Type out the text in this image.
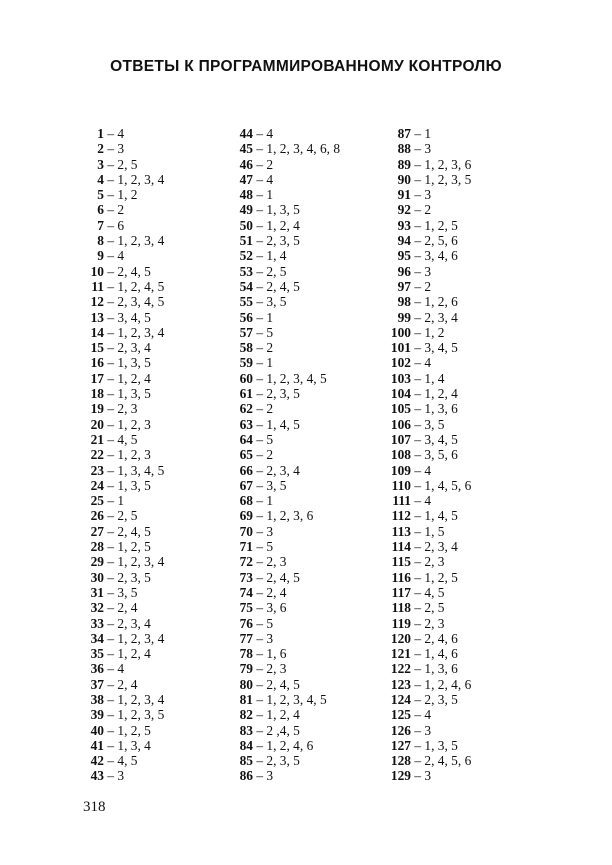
ОТВЕТЫ К ПРОГРАММИРОВАННОМУ КОНТРОЛЮ
1 – 4
2 – 3
3 – 2, 5
4 – 1, 2, 3, 4
5 – 1, 2
6 – 2
7 – 6
8 – 1, 2, 3, 4
9 – 4
10 – 2, 4, 5
11 – 1, 2, 4, 5
12 – 2, 3, 4, 5
13 – 3, 4, 5
14 – 1, 2, 3, 4
15 – 2, 3, 4
16 – 1, 3, 5
17 – 1, 2, 4
18 – 1, 3, 5
19 – 2, 3
20 – 1, 2, 3
21 – 4, 5
22 – 1, 2, 3
23 – 1, 3, 4, 5
24 – 1, 3, 5
25 – 1
26 – 2, 5
27 – 2, 4, 5
28 – 1, 2, 5
29 – 1, 2, 3, 4
30 – 2, 3, 5
31 – 3, 5
32 – 2, 4
33 – 2, 3, 4
34 – 1, 2, 3, 4
35 – 1, 2, 4
36 – 4
37 – 2, 4
38 – 1, 2, 3, 4
39 – 1, 2, 3, 5
40 – 1, 2, 5
41 – 1, 3, 4
42 – 4, 5
43 – 3
44 – 4
45 – 1, 2, 3, 4, 6, 8
46 – 2
47 – 4
48 – 1
49 – 1, 3, 5
50 – 1, 2, 4
51 – 2, 3, 5
52 – 1, 4
53 – 2, 5
54 – 2, 4, 5
55 – 3, 5
56 – 1
57 – 5
58 – 2
59 – 1
60 – 1, 2, 3, 4, 5
61 – 2, 3, 5
62 – 2
63 – 1, 4, 5
64 – 5
65 – 2
66 – 2, 3, 4
67 – 3, 5
68 – 1
69 – 1, 2, 3, 6
70 – 3
71 – 5
72 – 2, 3
73 – 2, 4, 5
74 – 2, 4
75 – 3, 6
76 – 5
77 – 3
78 – 1, 6
79 – 2, 3
80 – 2, 4, 5
81 – 1, 2, 3, 4, 5
82 – 1, 2, 4
83 – 2 ,4, 5
84 – 1, 2, 4, 6
85 – 2, 3, 5
86 – 3
87 – 1
88 – 3
89 – 1, 2, 3, 6
90 – 1, 2, 3, 5
91 – 3
92 – 2
93 – 1, 2, 5
94 – 2, 5, 6
95 – 3, 4, 6
96 – 3
97 – 2
98 – 1, 2, 6
99 – 2, 3, 4
100 – 1, 2
101 – 3, 4, 5
102 – 4
103 – 1, 4
104 – 1, 2, 4
105 – 1, 3, 6
106 – 3, 5
107 – 3, 4, 5
108 – 3, 5, 6
109 – 4
110 – 1, 4, 5, 6
111 – 4
112 – 1, 4, 5
113 – 1, 5
114 – 2, 3, 4
115 – 2, 3
116 – 1, 2, 5
117 – 4, 5
118 – 2, 5
119 – 2, 3
120 – 2, 4, 6
121 – 1, 4, 6
122 – 1, 3, 6
123 – 1, 2, 4, 6
124 – 2, 3, 5
125 – 4
126 – 3
127 – 1, 3, 5
128 – 2, 4, 5, 6
129 – 3
318
